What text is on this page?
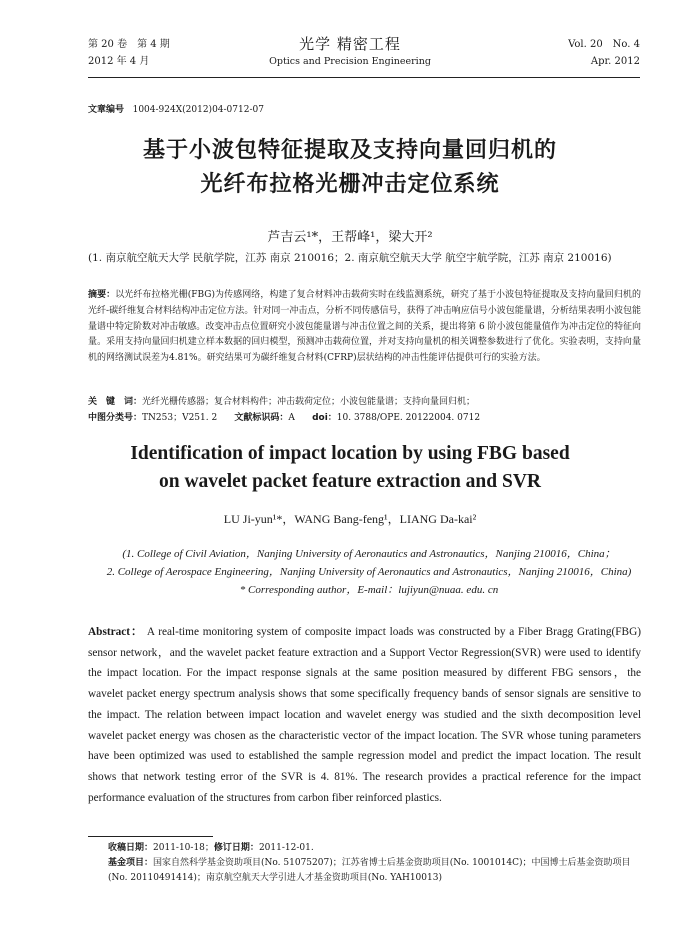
第 20 卷　第 4 期
2012 年 4 月
光学 精密工程
Optics and Precision Engineering
Vol. 20　No. 4
Apr. 2012
文章编号 1004-924X(2012)04-0712-07
基于小波包特征提取及支持向量回归机的
光纤布拉格光栅冲击定位系统
芦吉云¹*，王帮峰¹，梁大开²
(1. 南京航空航天大学 民航学院，江苏 南京 210016；2. 南京航空航天大学 航空宇航学院，江苏 南京 210016)
摘要：以光纤布拉格光栅(FBG)为传感网络，构建了复合材料冲击载荷实时在线监测系统，研究了基于小波包特征提取及支持向量回归机的光纤-碳纤维复合材料结构冲击定位方法。针对同一冲击点，分析不同传感信号，获得了冲击响应信号小波包能量谱，分析结果表明小波包能量谱中特定阶数对冲击敏感。改变冲击点位置研究小波包能量谱与冲击位置之间的关系，提出将第 6 阶小波包能量值作为冲击定位的特征向量。采用支持向量回归机建立样本数据的回归模型，预测冲击载荷位置，并对支持向量机的相关调整参数进行了优化。实验表明，支持向量机的网络测试误差为4.81%。研究结果可为碳纤维复合材料(CFRP)层状结构的冲击性能评估提供可行的实验方法。
关　键　词：光纤光栅传感器；复合材料构件；冲击载荷定位；小波包能量谱；支持向量回归机；
中图分类号：TN253；V251. 2 文献标识码：A doi：10. 3788/OPE. 20122004. 0712
Identification of impact location by using FBG based
on wavelet packet feature extraction and SVR
LU Ji-yun¹*，WANG Bang-feng¹，LIANG Da-kai²
(1. College of Civil Aviation，Nanjing University of Aeronautics and Astronautics，Nanjing 210016，China；
2. College of Aerospace Engineering，Nanjing University of Aeronautics and Astronautics，Nanjing 210016，China)
* Corresponding author，E-mail：lujiyun@nuaa. edu. cn
Abstract： A real-time monitoring system of composite impact loads was constructed by a Fiber Bragg Grating(FBG) sensor network，and the wavelet packet feature extraction and a Support Vector Regression(SVR) were used to identify the impact location. For the impact response signals at the same position measured by different FBG sensors，the wavelet packet energy spectrum analysis shows that some specifically frequency bands of sensor signals are sensitive to the impact. The relation between impact location and wavelet energy was studied and the sixth decomposition level wavelet packet energy was chosen as the characteristic vector of the impact location. The SVR whose tuning parameters have been optimized was used to established the sample regression model and predict the impact location. The result shows that network testing error of the SVR is 4. 81%. The research provides a practical reference for the impact performance evaluation of the structures from carbon fiber reinforced plastics.
收稿日期：2011-10-18；修订日期：2011-12-01.
基金项目：国家自然科学基金资助项目(No. 51075207)；江苏省博士后基金资助项目(No. 1001014C)；中国博士后基金资助项目(No. 20110491414)；南京航空航天大学引进人才基金资助项目(No. YAH10013)
